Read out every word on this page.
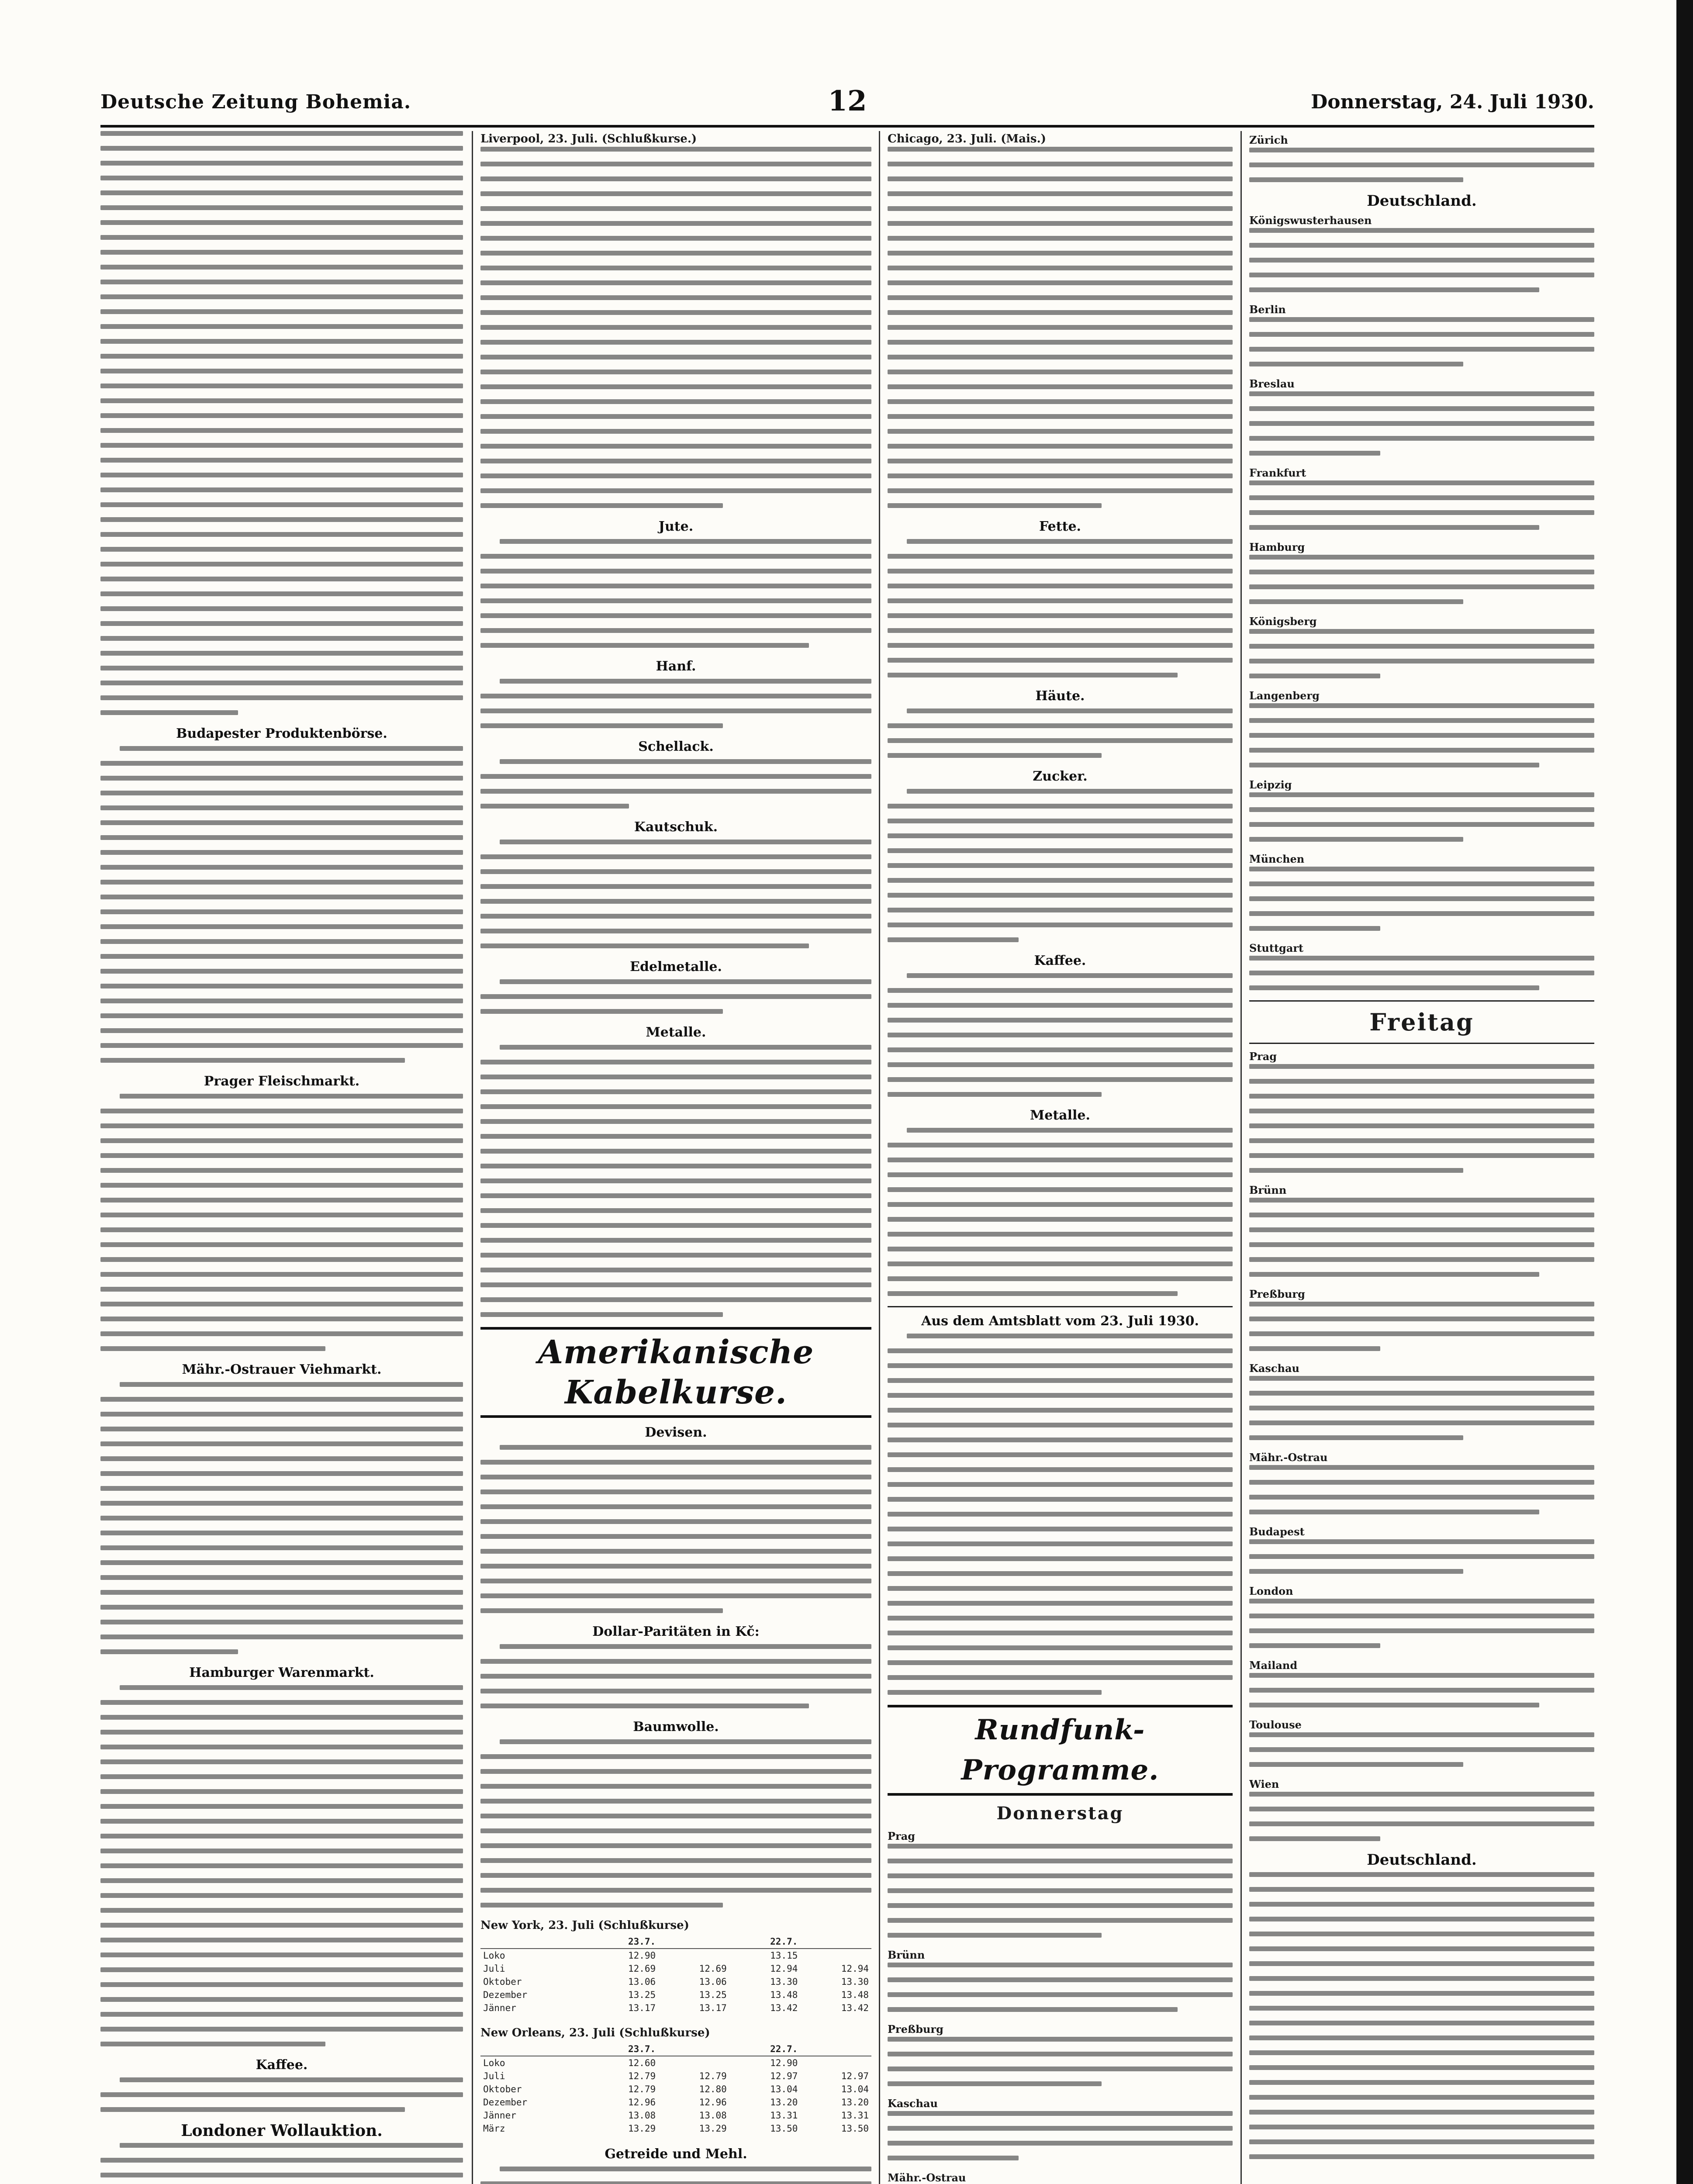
Deutsche Zeitung Bohemia.	12	Donnerstag, 24. Juli 1930.
Budapester Produktenbörse.
Prager Fleischmarkt.
Mähr.-Ostrauer Viehmarkt.
Hamburger Warenmarkt.
Kaffee.
Londoner Wollauktion.

Liverpool, 23. Juli. (Schlußkurse.)
Jute.
Hanf.
Schellack.
Kautschuk.
Edelmetalle.
Metalle.
Amerikanische Kabelkurse.
Devisen.
Dollar-Paritäten in Kč:
Baumwolle.
New York, 23. Juli (Schlußkurse)
	23.7.		22.7.	
Loko	12.90		13.15	
Juli	12.69	12.69	12.94	12.94
Oktober	13.06	13.06	13.30	13.30
Dezember	13.25	13.25	13.48	13.48
Jänner	13.17	13.17	13.42	13.42
New Orleans, 23. Juli (Schlußkurse)
	23.7.		22.7.	
Loko	12.60		12.90	
Juli	12.79	12.79	12.97	12.97
Oktober	12.79	12.80	13.04	13.04
Dezember	12.96	12.96	13.20	13.20
Jänner	13.08	13.08	13.31	13.31
März	13.29	13.29	13.50	13.50
Getreide und Mehl.
Chicago, 23. Juli. (Mais.)
Fette.
Häute.
Zucker.
Kaffee.
Metalle.
Aus dem Amtsblatt vom 23. Juli 1930.
Rundfunk-Programme.
Donnerstag
Prag
Brünn
Preßburg
Kaschau
Mähr.-Ostrau
Zürich
Deutschland.
Königswusterhausen
Berlin
Breslau
Frankfurt
Hamburg
Königsberg
Langenberg
Leipzig
München
Stuttgart
Freitag
Prag
Brünn
Preßburg
Kaschau
Mähr.-Ostrau
Budapest
London
Mailand
Toulouse
Wien
Deutschland.
